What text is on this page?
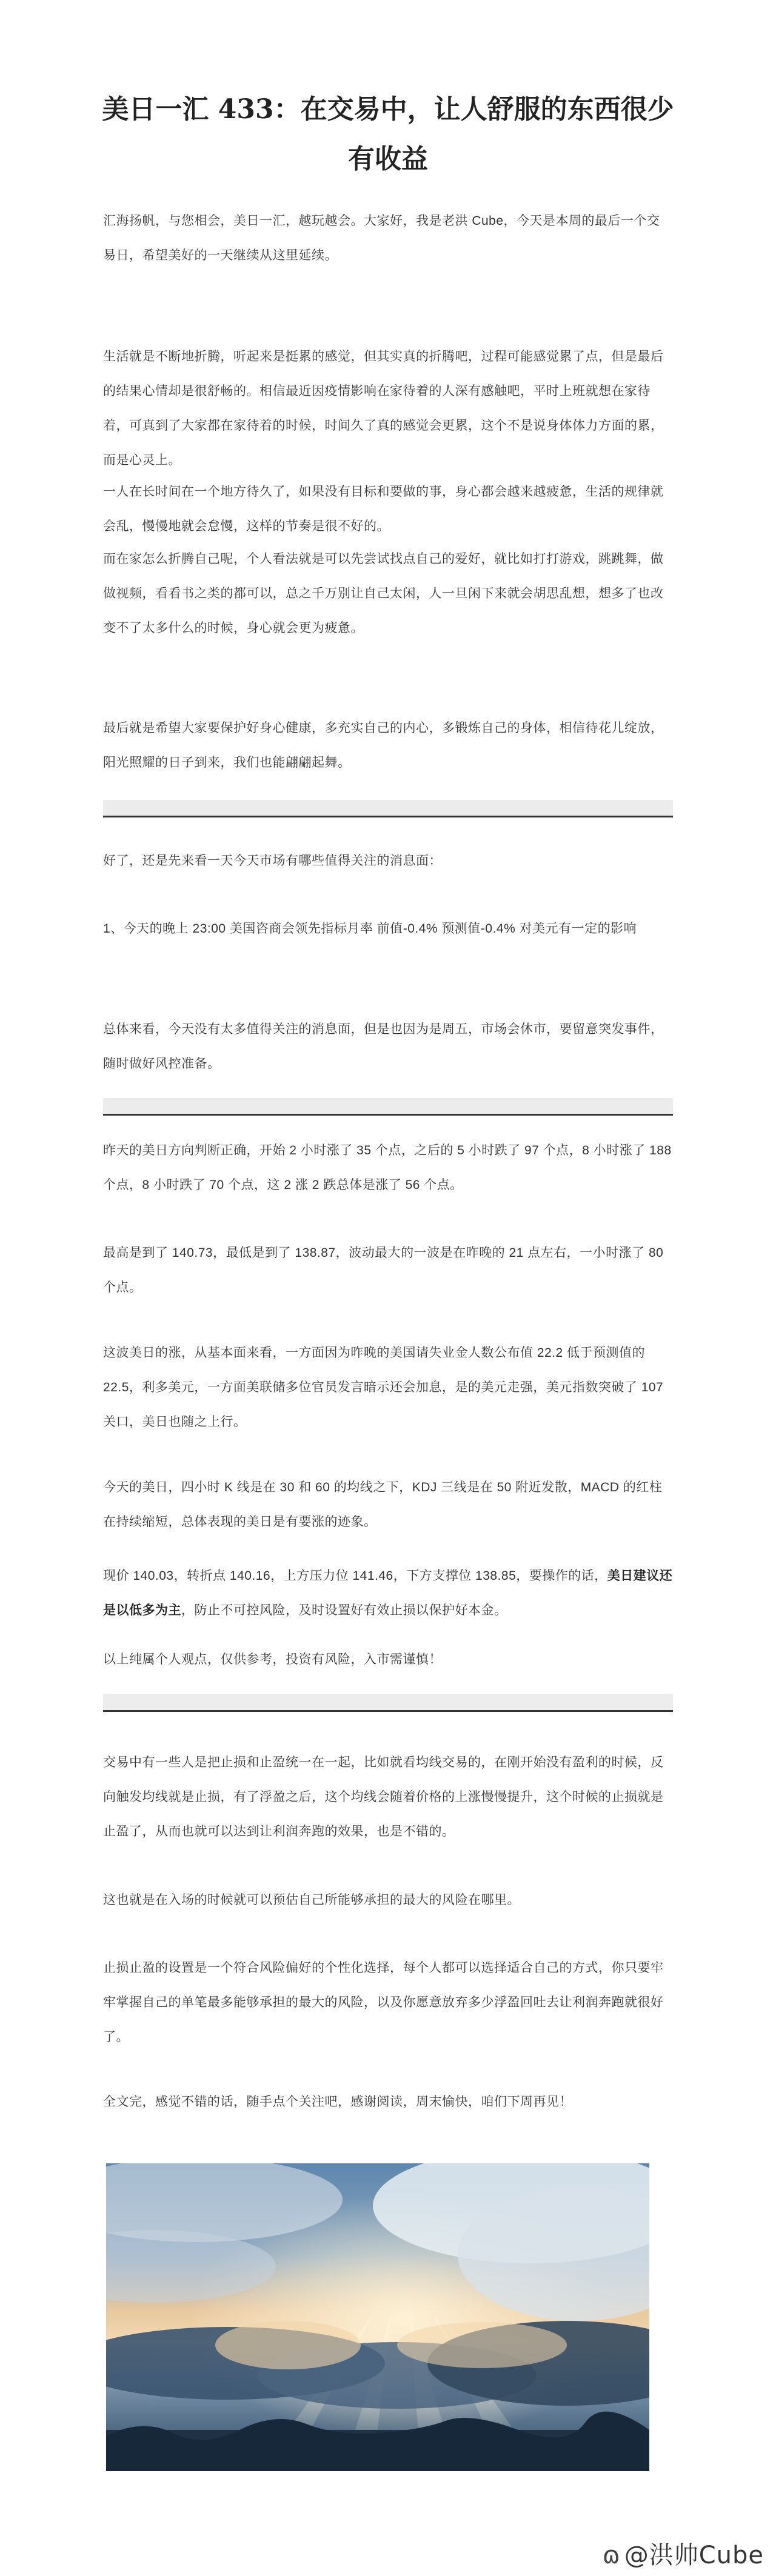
美日一汇 433：在交易中，让人舒服的东西很少
有收益

汇海扬帆，与您相会，美日一汇，越玩越会。大家好，我是老洪 Cube，今天是本周的最后一个交易日，希望美好的一天继续从这里延续。

生活就是不断地折腾，听起来是挺累的感觉，但其实真的折腾吧，过程可能感觉累了点，但是最后的结果心情却是很舒畅的。相信最近因疫情影响在家待着的人深有感触吧，平时上班就想在家待着，可真到了大家都在家待着的时候，时间久了真的感觉会更累，这个不是说身体体力方面的累，而是心灵上。

一人在长时间在一个地方待久了，如果没有目标和要做的事，身心都会越来越疲惫，生活的规律就会乱，慢慢地就会怠慢，这样的节奏是很不好的。

而在家怎么折腾自己呢，个人看法就是可以先尝试找点自己的爱好，就比如打打游戏，跳跳舞，做做视频，看看书之类的都可以，总之千万别让自己太闲，人一旦闲下来就会胡思乱想，想多了也改变不了太多什么的时候，身心就会更为疲惫。

最后就是希望大家要保护好身心健康，多充实自己的内心，多锻炼自己的身体，相信待花儿绽放，阳光照耀的日子到来，我们也能翩翩起舞。

好了，还是先来看一天今天市场有哪些值得关注的消息面：

1、今天的晚上 23:00 美国咨商会领先指标月率 前值-0.4% 预测值-0.4% 对美元有一定的影响

总体来看，今天没有太多值得关注的消息面，但是也因为是周五，市场会休市，要留意突发事件，随时做好风控准备。

昨天的美日方向判断正确，开始 2 小时涨了 35 个点，之后的 5 小时跌了 97 个点，8 小时涨了 188 个点，8 小时跌了 70 个点，这 2 涨 2 跌总体是涨了 56 个点。

最高是到了 140.73，最低是到了 138.87，波动最大的一波是在昨晚的 21 点左右，一小时涨了 80 个点。

这波美日的涨，从基本面来看，一方面因为昨晚的美国请失业金人数公布值 22.2 低于预测值的 22.5，利多美元，一方面美联储多位官员发言暗示还会加息，是的美元走强，美元指数突破了 107 关口，美日也随之上行。

今天的美日，四小时 K 线是在 30 和 60 的均线之下，KDJ 三线是在 50 附近发散，MACD 的红柱在持续缩短，总体表现的美日是有要涨的迹象。

现价 140.03，转折点 140.16，上方压力位 141.46，下方支撑位 138.85，要操作的话，美日建议还是以低多为主，防止不可控风险，及时设置好有效止损以保护好本金。

以上纯属个人观点，仅供参考，投资有风险，入市需谨慎！

交易中有一些人是把止损和止盈统一在一起，比如就看均线交易的，在刚开始没有盈利的时候，反向触发均线就是止损，有了浮盈之后，这个均线会随着价格的上涨慢慢提升，这个时候的止损就是止盈了，从而也就可以达到让利润奔跑的效果，也是不错的。

这也就是在入场的时候就可以预估自己所能够承担的最大的风险在哪里。

止损止盈的设置是一个符合风险偏好的个性化选择，每个人都可以选择适合自己的方式，你只要牢牢掌握自己的单笔最多能够承担的最大的风险，以及你愿意放弃多少浮盈回吐去让利润奔跑就很好了。

全文完，感觉不错的话，随手点个关注吧，感谢阅读，周末愉快，咱们下周再见！

ɷ @洪帅Cube
